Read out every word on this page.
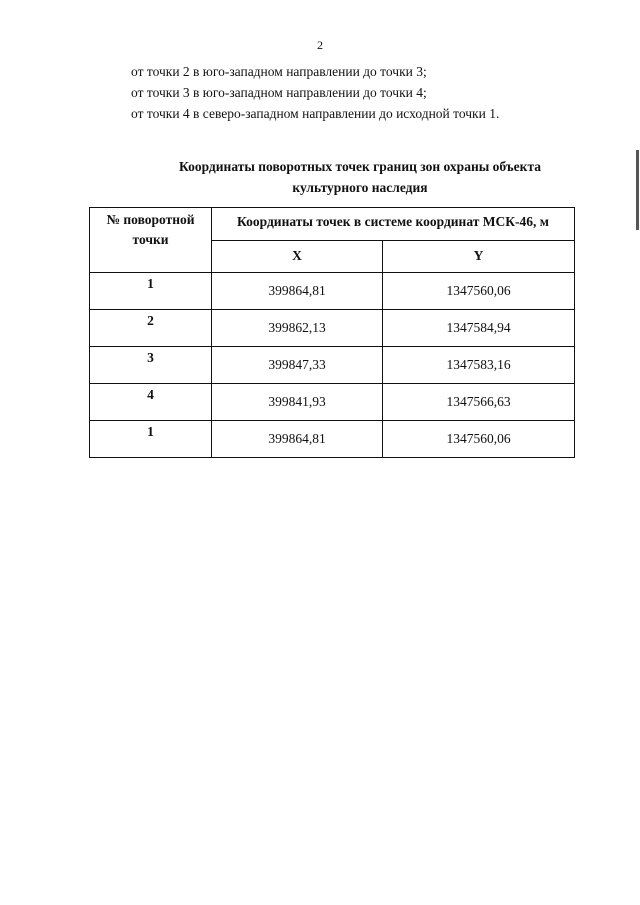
2
от точки 2 в юго-западном направлении до точки 3;
от точки 3 в юго-западном направлении до точки 4;
от точки 4 в северо-западном направлении до исходной точки 1.
Координаты поворотных точек границ зон охраны объекта
культурного наследия
№ поворотной
точки	Координаты точек в системе координат МСК-46, м	
	X	Y
1	399864,81	1347560,06
2	399862,13	1347584,94
3	399847,33	1347583,16
4	399841,93	1347566,63
1	399864,81	1347560,06
